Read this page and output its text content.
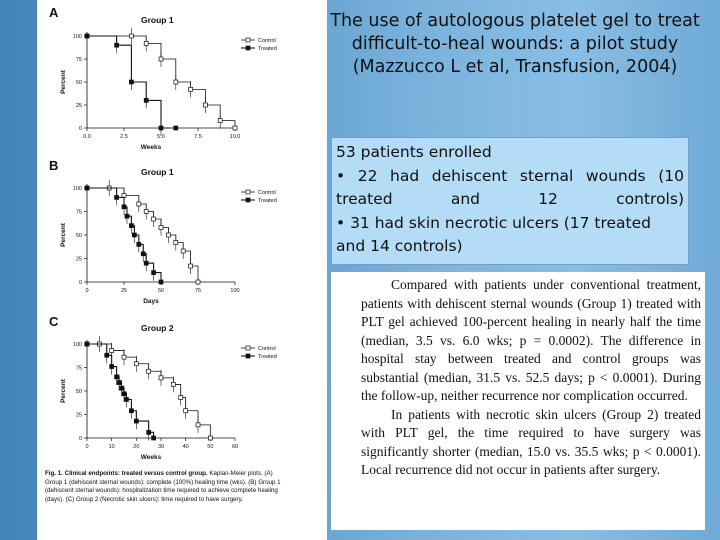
A	Group 1
0
25
50
75
100
0.0	2.5	5.0	7.5	10.0
Percent
Weeks
Control
Treated
B	Group 1
0
25
50
75
100
0	25	50	75	100
Percent
Days
Control
Treated
C	Group 2
0
25
50
75
100
0	10	20	30	40	50	60
Percent
Weeks
Control
Treated

Fig. 1. Clinical endpoints: treated versus control group. Kaplan-Meier plots. (A) Group 1 (dehiscent sternal wounds): complete (100%) healing time (wks). (B) Group 1 (dehiscent sternal wounds): hospitalization time required to achieve complete healing (days). (C) Group 2 (Necrotic skin ulcers): time required to have surgery.

The use of autologous platelet gel to treat difficult-to-heal wounds: a pilot study (Mazzucco L et al, Transfusion, 2004)

53 patients enrolled

• 22 had dehiscent sternal wounds (10 treated and 12 controls)

• 31 had skin necrotic ulcers (17 treated and 14 controls)

Compared with patients under conventional treatment, patients with dehiscent sternal wounds (Group 1) treated with PLT gel achieved 100-percent healing in nearly half the time (median, 3.5 vs. 6.0 wks; p = 0.0002). The difference in hospital stay between treated and control groups was substantial (median, 31.5 vs. 52.5 days; p < 0.0001). During the follow-up, neither recurrence nor complication occurred.

In patients with necrotic skin ulcers (Group 2) treated with PLT gel, the time required to have surgery was significantly shorter (median, 15.0 vs. 35.5 wks; p < 0.0001). Local recurrence did not occur in patients after surgery.
